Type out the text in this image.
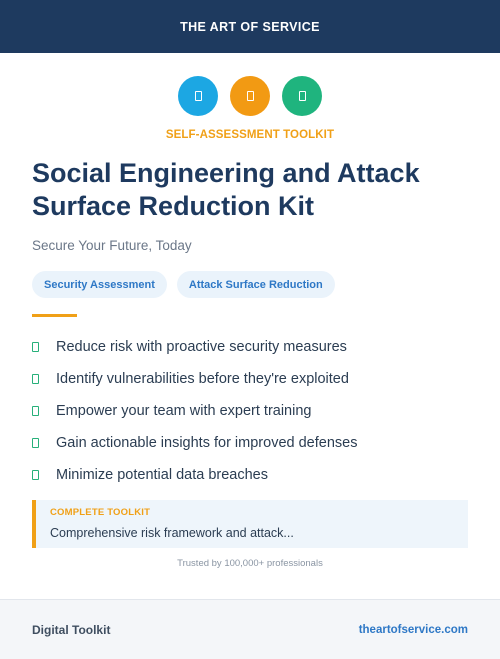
THE ART OF SERVICE
SELF-ASSESSMENT TOOLKIT
Social Engineering and Attack Surface Reduction Kit
Secure Your Future, Today
Security Assessment	Attack Surface Reduction
Reduce risk with proactive security measures
Identify vulnerabilities before they're exploited
Empower your team with expert training
Gain actionable insights for improved defenses
Minimize potential data breaches
COMPLETE TOOLKIT
Comprehensive risk framework and attack...
Trusted by 100,000+ professionals
Digital Toolkit	theartofservice.com
